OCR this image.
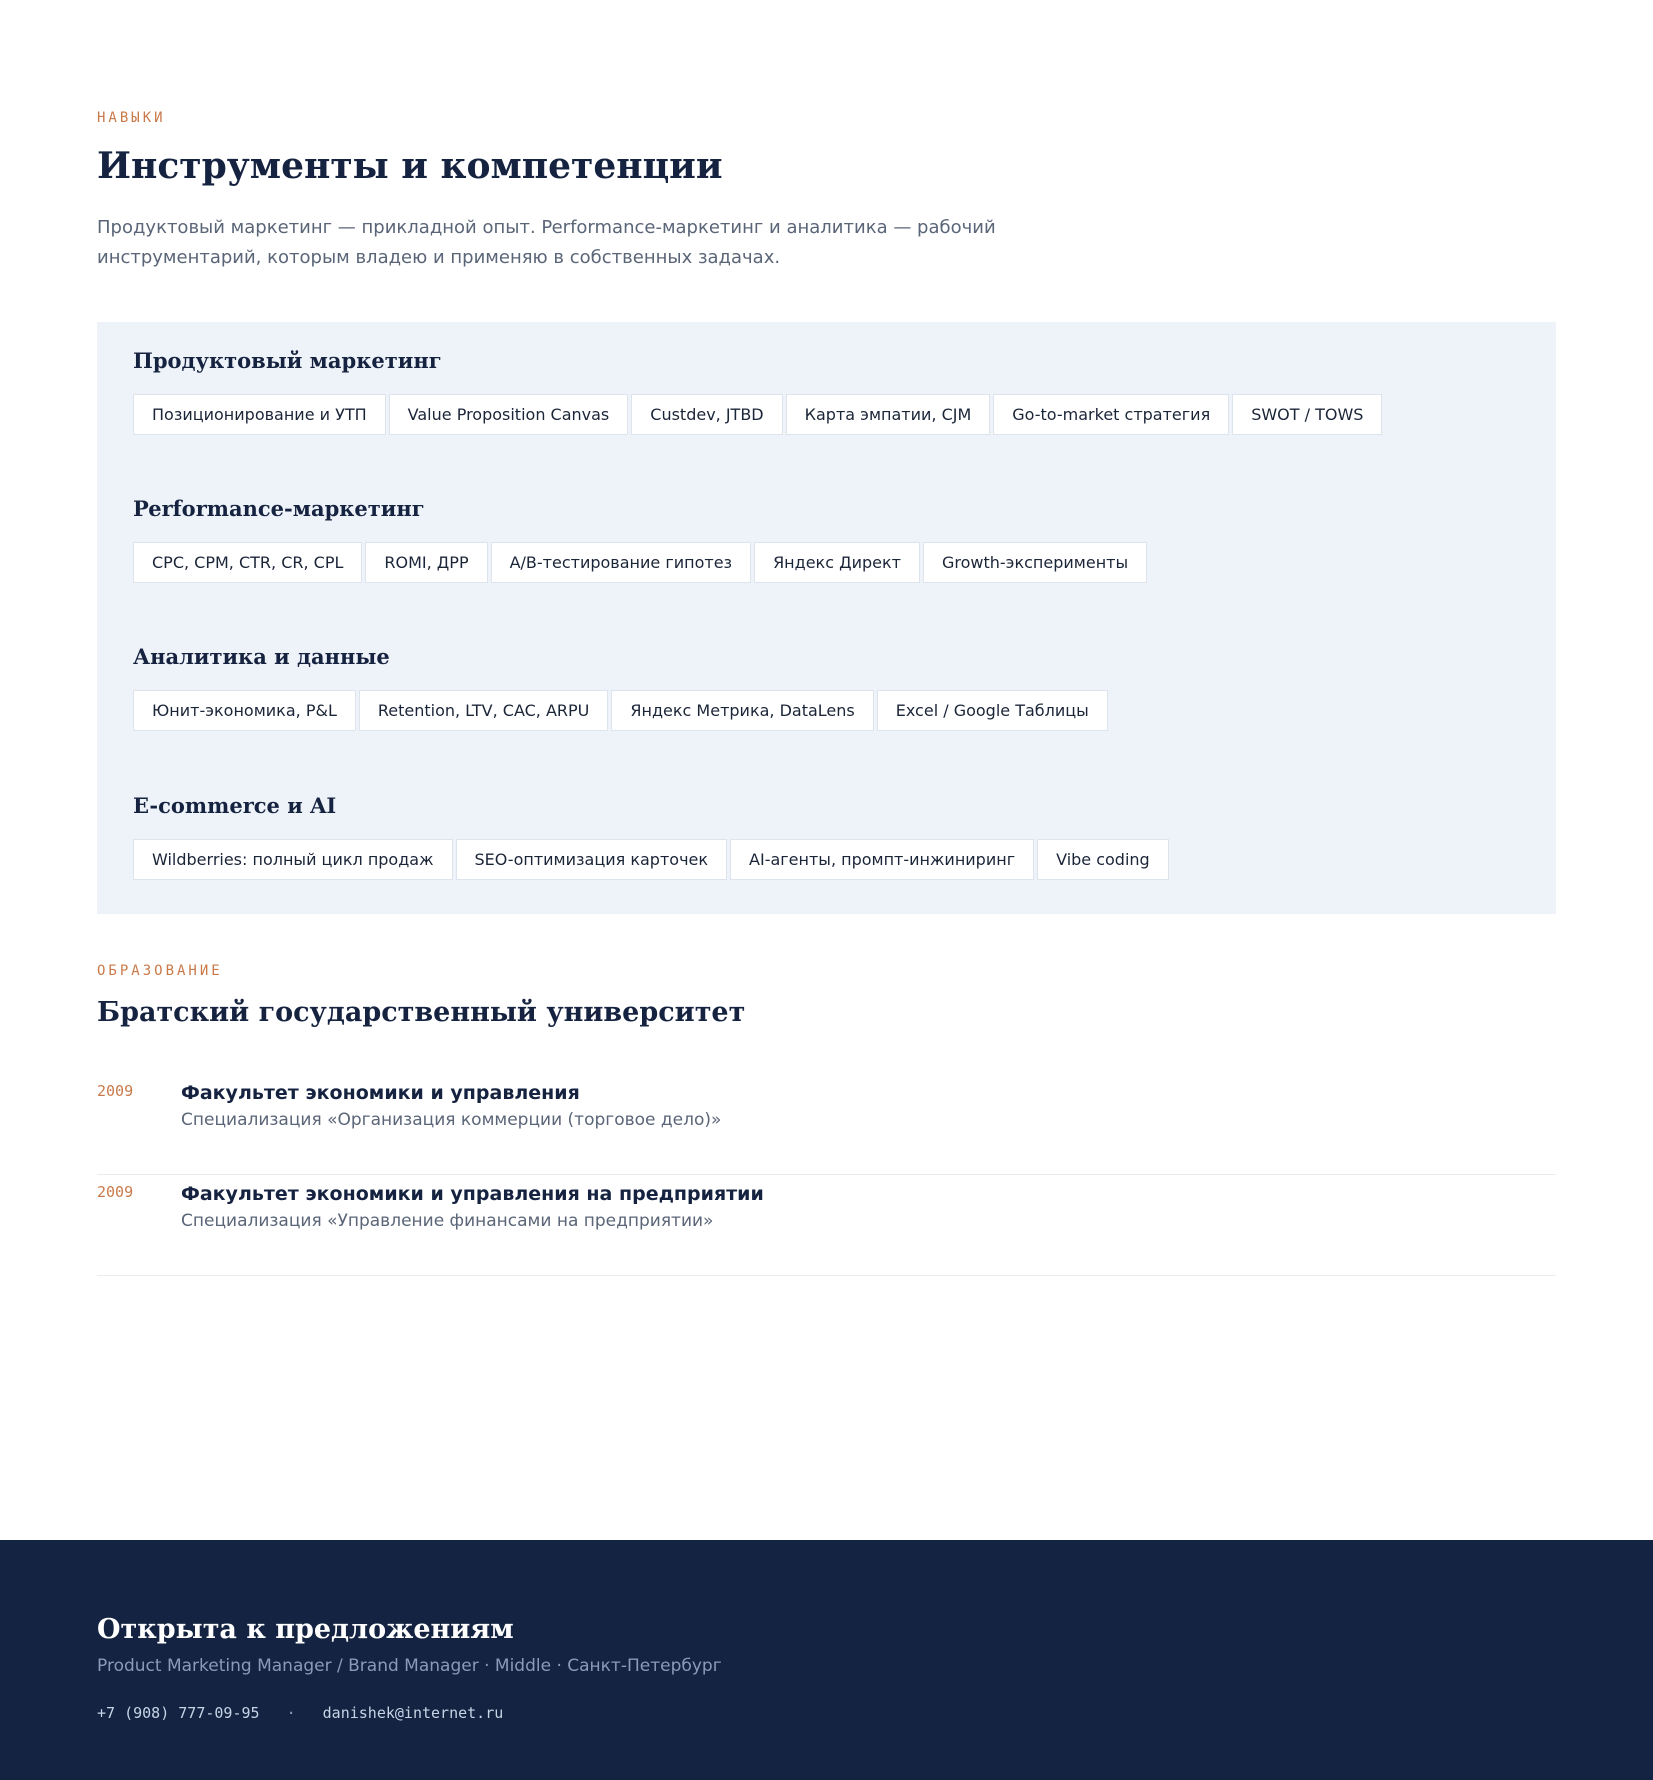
НАВЫКИ
Инструменты и компетенции

Продуктовый маркетинг — прикладной опыт. Performance-маркетинг и аналитика — рабочий инструментарий, которым владею и применяю в собственных задачах.

Продуктовый маркетинг
Позиционирование и УТП	Value Proposition Canvas	Custdev, JTBD	Карта эмпатии, CJM	Go-to-market стратегия	SWOT / TOWS
Performance-маркетинг
CPC, CPM, CTR, CR, CPL	ROMI, ДРР	A/B-тестирование гипотез	Яндекс Директ	Growth-эксперименты
Аналитика и данные
Юнит-экономика, P&L	Retention, LTV, CAC, ARPU	Яндекс Метрика, DataLens	Excel / Google Таблицы
E-commerce и AI
Wildberries: полный цикл продаж	SEO-оптимизация карточек	AI-агенты, промпт-инжиниринг	Vibe coding
ОБРАЗОВАНИЕ
Братский государственный университет
2009	Факультет экономики и управления
Специализация «Организация коммерции (торговое дело)»
2009	Факультет экономики и управления на предприятии
Специализация «Управление финансами на предприятии»
Открыта к предложениям

Product Marketing Manager / Brand Manager · Middle · Санкт-Петербург

+7 (908) 777-09-95 · danishek@internet.ru
